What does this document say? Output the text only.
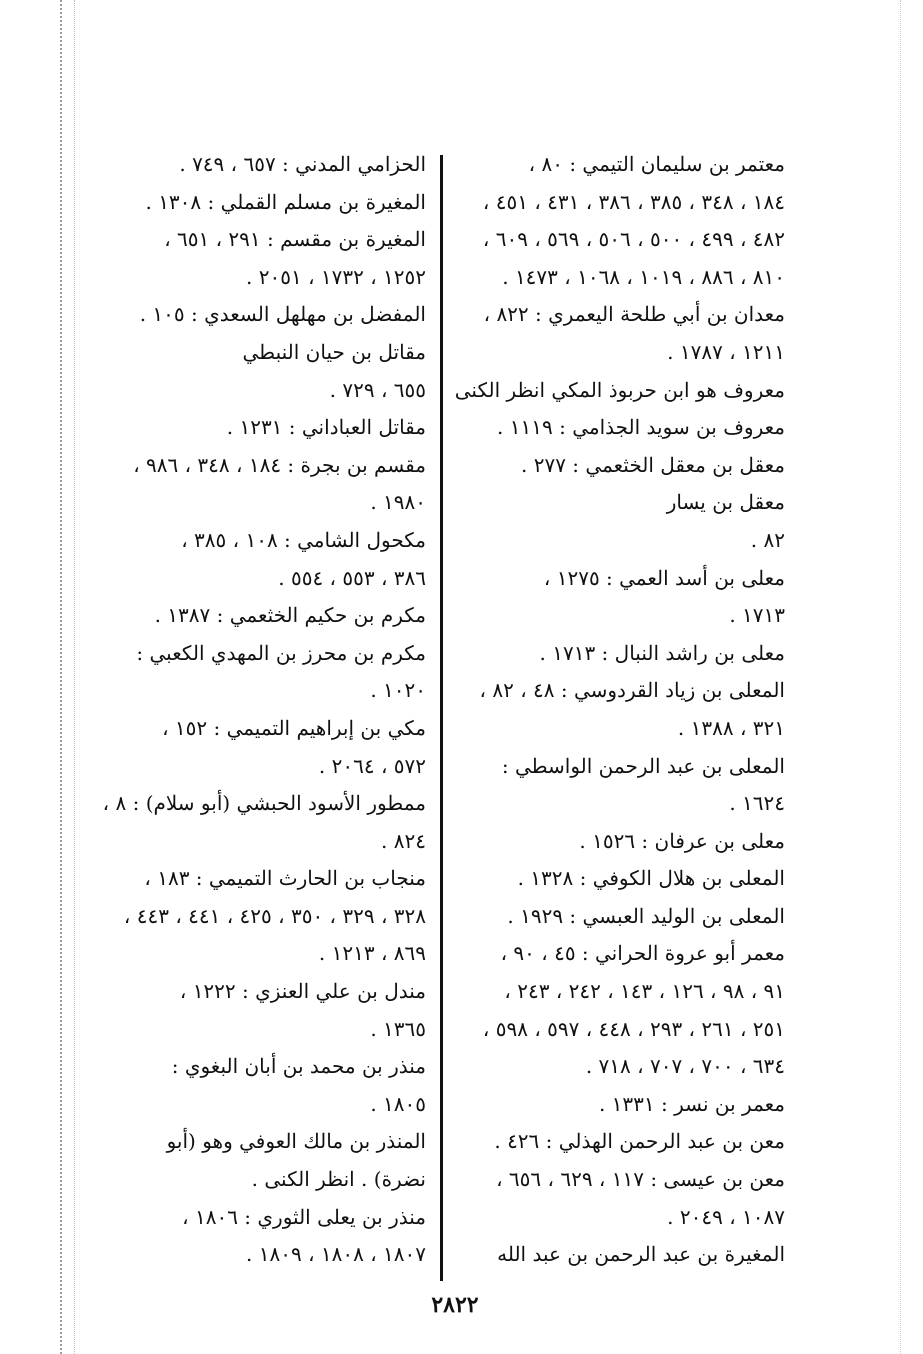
معتمر بن سليمان التيمي : ٨٠ ،
١٨٤ ، ٣٤٨ ، ٣٨٥ ، ٣٨٦ ، ٤٣١ ، ٤٥١ ،
٤٨٢ ، ٤٩٩ ، ٥٠٠ ، ٥٠٦ ، ٥٦٩ ، ٦٠٩ ،
٨١٠ ، ٨٨٦ ، ١٠١٩ ، ١٠٦٨ ، ١٤٧٣ .
معدان بن أبي طلحة اليعمري : ٨٢٢ ،
١٢١١ ، ١٧٨٧ .
معروف هو ابن حربوذ المكي انظر الكنى
معروف بن سويد الجذامي : ١١١٩ .
معقل بن معقل الخثعمي : ٢٧٧ .
معقل بن يسار
٨٢ .
معلى بن أسد العمي : ١٢٧٥ ،
١٧١٣ .
معلى بن راشد النبال : ١٧١٣ .
المعلى بن زياد القردوسي : ٤٨ ، ٨٢ ،
٣٢١ ، ١٣٨٨ .
المعلى بن عبد الرحمن الواسطي :
١٦٢٤ .
معلى بن عرفان : ١٥٢٦ .
المعلى بن هلال الكوفي : ١٣٢٨ .
المعلى بن الوليد العبسي : ١٩٢٩ .
معمر أبو عروة الحراني : ٤٥ ، ٩٠ ،
٩١ ، ٩٨ ، ١٢٦ ، ١٤٣ ، ٢٤٢ ، ٢٤٣ ،
٢٥١ ، ٢٦١ ، ٢٩٣ ، ٤٤٨ ، ٥٩٧ ، ٥٩٨ ،
٦٣٤ ، ٧٠٠ ، ٧٠٧ ، ٧١٨ .
معمر بن نسر : ١٣٣١ .
معن بن عبد الرحمن الهذلي : ٤٢٦ .
معن بن عيسى : ١١٧ ، ٦٢٩ ، ٦٥٦ ،
١٠٨٧ ، ٢٠٤٩ .
المغيرة بن عبد الرحمن بن عبد الله
الحزامي المدني : ٦٥٧ ، ٧٤٩ .
المغيرة بن مسلم القملي : ١٣٠٨ .
المغيرة بن مقسم : ٢٩١ ، ٦٥١ ،
١٢٥٢ ، ١٧٣٢ ، ٢٠٥١ .
المفضل بن مهلهل السعدي : ١٠٥ .
مقاتل بن حيان النبطي
٦٥٥ ، ٧٢٩ .
مقاتل العباداني : ١٢٣١ .
مقسم بن بجرة : ١٨٤ ، ٣٤٨ ، ٩٨٦ ،
١٩٨٠ .
مكحول الشامي : ١٠٨ ، ٣٨٥ ،
٣٨٦ ، ٥٥٣ ، ٥٥٤ .
مكرم بن حكيم الخثعمي : ١٣٨٧ .
مكرم بن محرز بن المهدي الكعبي :
١٠٢٠ .
مكي بن إبراهيم التميمي : ١٥٢ ،
٥٧٢ ، ٢٠٦٤ .
ممطور الأسود الحبشي (أبو سلام) : ٨ ،
٨٢٤ .
منجاب بن الحارث التميمي : ١٨٣ ،
٣٢٨ ، ٣٢٩ ، ٣٥٠ ، ٤٢٥ ، ٤٤١ ، ٤٤٣ ،
٨٦٩ ، ١٢١٣ .
مندل بن علي العنزي : ١٢٢٢ ،
١٣٦٥ .
منذر بن محمد بن أبان البغوي :
١٨٠٥ .
المنذر بن مالك العوفي وهو (أبو
نضرة) . انظر الكنى .
منذر بن يعلى الثوري : ١٨٠٦ ،
١٨٠٧ ، ١٨٠٨ ، ١٨٠٩ .
٢٨٢٢
